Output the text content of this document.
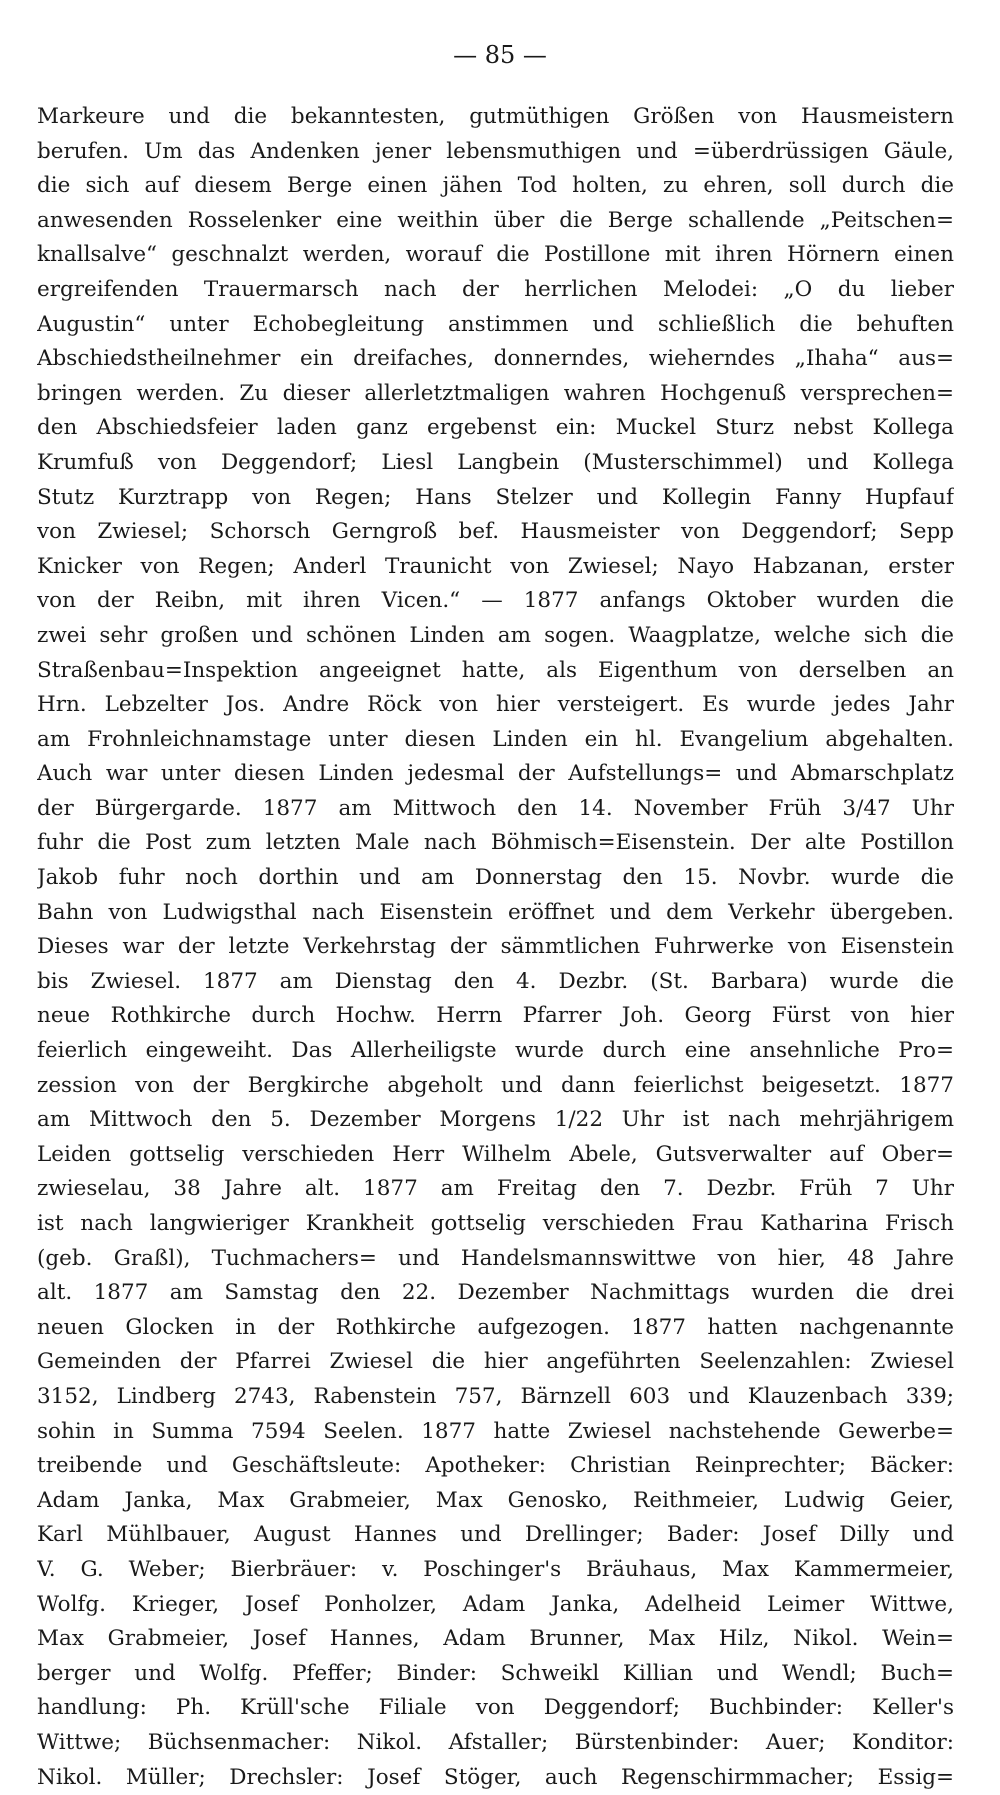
— 85 —
Markeure und die bekanntesten, gutmüthigen Größen von Hausmeistern
berufen. Um das Andenken jener lebensmuthigen und =überdrüssigen Gäule,
die sich auf diesem Berge einen jähen Tod holten, zu ehren, soll durch die
anwesenden Rosselenker eine weithin über die Berge schallende „Peitschen=
knallsalve“ geschnalzt werden, worauf die Postillone mit ihren Hörnern einen
ergreifenden Trauermarsch nach der herrlichen Melodei: „O du lieber
Augustin“ unter Echobegleitung anstimmen und schließlich die behuften
Abschiedstheilnehmer ein dreifaches, donnerndes, wieherndes „Ihaha“ aus=
bringen werden. Zu dieser allerletztmaligen wahren Hochgenuß versprechen=
den Abschiedsfeier laden ganz ergebenst ein: Muckel Sturz nebst Kollega
Krumfuß von Deggendorf; Liesl Langbein (Musterschimmel) und Kollega
Stutz Kurztrapp von Regen; Hans Stelzer und Kollegin Fanny Hupfauf
von Zwiesel; Schorsch Gerngroß bef. Hausmeister von Deggendorf; Sepp
Knicker von Regen; Anderl Traunicht von Zwiesel; Nayo Habzanan, erster
von der Reibn, mit ihren Vicen.“ — 1877 anfangs Oktober wurden die
zwei sehr großen und schönen Linden am sogen. Waagplatze, welche sich die
Straßenbau=Inspektion angeeignet hatte, als Eigenthum von derselben an
Hrn. Lebzelter Jos. Andre Röck von hier versteigert. Es wurde jedes Jahr
am Frohnleichnamstage unter diesen Linden ein hl. Evangelium abgehalten.
Auch war unter diesen Linden jedesmal der Aufstellungs= und Abmarschplatz
der Bürgergarde. 1877 am Mittwoch den 14. November Früh 3/47 Uhr
fuhr die Post zum letzten Male nach Böhmisch=Eisenstein. Der alte Postillon
Jakob fuhr noch dorthin und am Donnerstag den 15. Novbr. wurde die
Bahn von Ludwigsthal nach Eisenstein eröffnet und dem Verkehr übergeben.
Dieses war der letzte Verkehrstag der sämmtlichen Fuhrwerke von Eisenstein
bis Zwiesel. 1877 am Dienstag den 4. Dezbr. (St. Barbara) wurde die
neue Rothkirche durch Hochw. Herrn Pfarrer Joh. Georg Fürst von hier
feierlich eingeweiht. Das Allerheiligste wurde durch eine ansehnliche Pro=
zession von der Bergkirche abgeholt und dann feierlichst beigesetzt. 1877
am Mittwoch den 5. Dezember Morgens 1/22 Uhr ist nach mehrjährigem
Leiden gottselig verschieden Herr Wilhelm Abele, Gutsverwalter auf Ober=
zwieselau, 38 Jahre alt. 1877 am Freitag den 7. Dezbr. Früh 7 Uhr
ist nach langwieriger Krankheit gottselig verschieden Frau Katharina Frisch
(geb. Graßl), Tuchmachers= und Handelsmannswittwe von hier, 48 Jahre
alt. 1877 am Samstag den 22. Dezember Nachmittags wurden die drei
neuen Glocken in der Rothkirche aufgezogen. 1877 hatten nachgenannte
Gemeinden der Pfarrei Zwiesel die hier angeführten Seelenzahlen: Zwiesel
3152, Lindberg 2743, Rabenstein 757, Bärnzell 603 und Klauzenbach 339;
sohin in Summa 7594 Seelen. 1877 hatte Zwiesel nachstehende Gewerbe=
treibende und Geschäftsleute: Apotheker: Christian Reinprechter; Bäcker:
Adam Janka, Max Grabmeier, Max Genosko, Reithmeier, Ludwig Geier,
Karl Mühlbauer, August Hannes und Drellinger; Bader: Josef Dilly und
V. G. Weber; Bierbräuer: v. Poschinger's Bräuhaus, Max Kammermeier,
Wolfg. Krieger, Josef Ponholzer, Adam Janka, Adelheid Leimer Wittwe,
Max Grabmeier, Josef Hannes, Adam Brunner, Max Hilz, Nikol. Wein=
berger und Wolfg. Pfeffer; Binder: Schweikl Killian und Wendl; Buch=
handlung: Ph. Krüll'sche Filiale von Deggendorf; Buchbinder: Keller's
Wittwe; Büchsenmacher: Nikol. Afstaller; Bürstenbinder: Auer; Konditor:
Nikol. Müller; Drechsler: Josef Stöger, auch Regenschirmmacher; Essig=
